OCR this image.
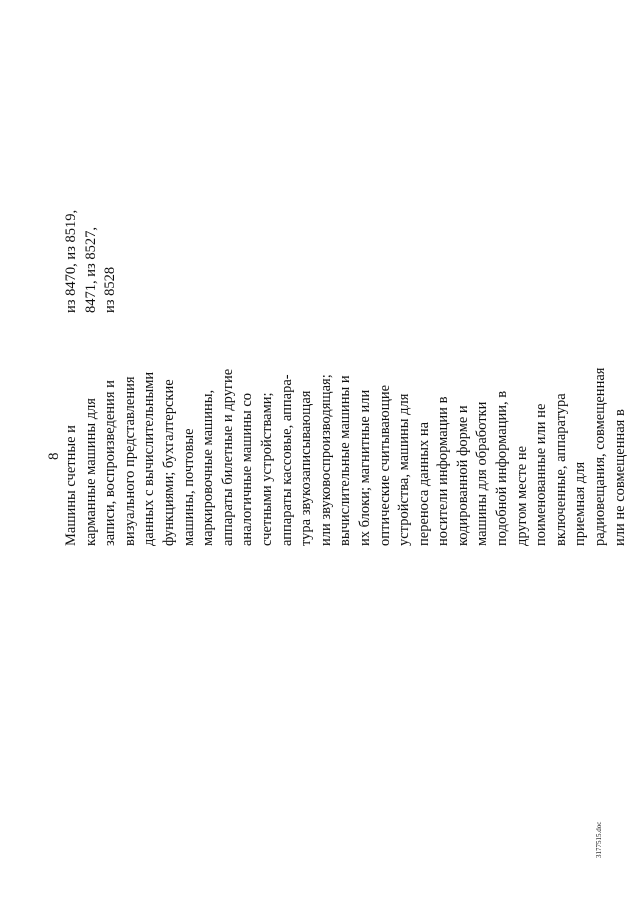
8 Машины счетные и карманные машины для записи, воспроизведения и визуального представления данных с вычислительными функциями; бухгалтерские машины, почтовые маркировочные машины, аппараты билетные и другие аналогичные машины со счетными устройствами; аппараты кассовые, аппара- тура звукозаписывающая или звуковоспроизводящая; вычислительные машины и их блоки; магнитные или оптические считывающие устройства, машины для переноса данных на носители информации в кодированной форме и машины для обработки подобной информации, в другом месте не поименованные или не включенные, аппаратура приемная для радиовещания, совмещенная или не совмещенная в
из 8470, из 8519, 8471, из 8527, из 8528
3177515.doc
